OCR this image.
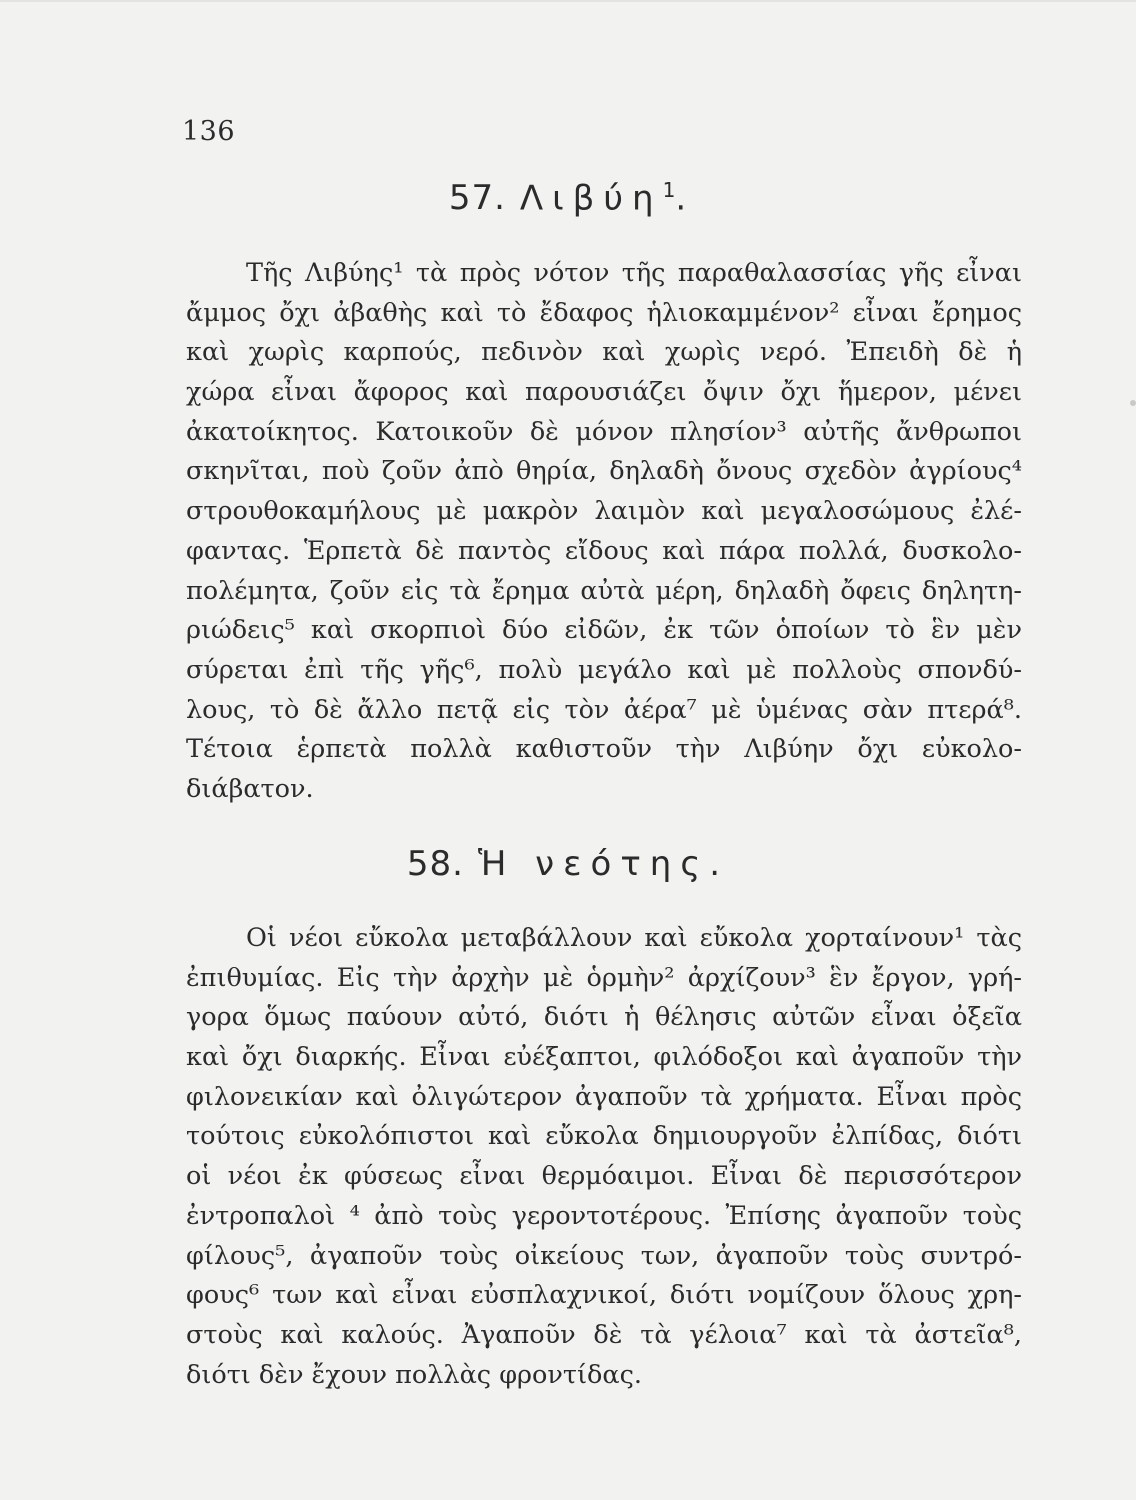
136
57. Λιβύη$^1$.
Τῆς Λιβύης¹ τὰ πρὸς νότον τῆς παραθαλασσίας γῆς εἶναι
ἄμμος ὄχι ἀβαθὴς καὶ τὸ ἔδαφος ἡλιοκαμμένον² εἶναι ἔρημος
καὶ χωρὶς καρπούς, πεδινὸν καὶ χωρὶς νερό. Ἐπειδὴ δὲ ἡ
χώρα εἶναι ἄφορος καὶ παρουσιάζει ὄψιν ὄχι ἥμερον, μένει
ἀκατοίκητος. Κατοικοῦν δὲ μόνον πλησίον³ αὐτῆς ἄνθρωποι
σκηνῖται, ποὺ ζοῦν ἀπὸ θηρία, δηλαδὴ ὄνους σχεδὸν ἀγρίους⁴
στρουθοκαμήλους μὲ μακρὸν λαιμὸν καὶ μεγαλοσώμους ἐλέ-
φαντας. Ἑρπετὰ δὲ παντὸς εἴδους καὶ πάρα πολλά, δυσκολο-
πολέμητα, ζοῦν εἰς τὰ ἔρημα αὐτὰ μέρη, δηλαδὴ ὄφεις δηλητη-
ριώδεις⁵ καὶ σκορπιοὶ δύο εἰδῶν, ἐκ τῶν ὁποίων τὸ ἓν μὲν
σύρεται ἐπὶ τῆς γῆς⁶, πολὺ μεγάλο καὶ μὲ πολλοὺς σπονδύ-
λους, τὸ δὲ ἄλλο πετᾷ εἰς τὸν ἀέρα⁷ μὲ ὑμένας σὰν πτερά⁸.
Τέτοια ἑρπετὰ πολλὰ καθιστοῦν τὴν Λιβύην ὄχι εὐκολο-
διάβατον.
58. Ἡ νεότης.
Οἱ νέοι εὔκολα μεταβάλλουν καὶ εὔκολα χορταίνουν¹ τὰς
ἐπιθυμίας. Εἰς τὴν ἀρχὴν μὲ ὁρμὴν² ἀρχίζουν³ ἓν ἔργον, γρή-
γορα ὅμως παύουν αὐτό, διότι ἡ θέλησις αὐτῶν εἶναι ὀξεῖα
καὶ ὄχι διαρκής. Εἶναι εὐέξαπτοι, φιλόδοξοι καὶ ἀγαποῦν τὴν
φιλονεικίαν καὶ ὀλιγώτερον ἀγαποῦν τὰ χρήματα. Εἶναι πρὸς
τούτοις εὐκολόπιστοι καὶ εὔκολα δημιουργοῦν ἐλπίδας, διότι
οἱ νέοι ἐκ φύσεως εἶναι θερμόαιμοι. Εἶναι δὲ περισσότερον
ἐντροπαλοὶ ⁴ ἀπὸ τοὺς γεροντοτέρους. Ἐπίσης ἀγαποῦν τοὺς
φίλους⁵, ἀγαποῦν τοὺς οἰκείους των, ἀγαποῦν τοὺς συντρό-
φους⁶ των καὶ εἶναι εὐσπλαχνικοί, διότι νομίζουν ὅλους χρη-
στοὺς καὶ καλούς. Ἀγαποῦν δὲ τὰ γέλοια⁷ καὶ τὰ ἀστεῖα⁸,
διότι δὲν ἔχουν πολλὰς φροντίδας.
